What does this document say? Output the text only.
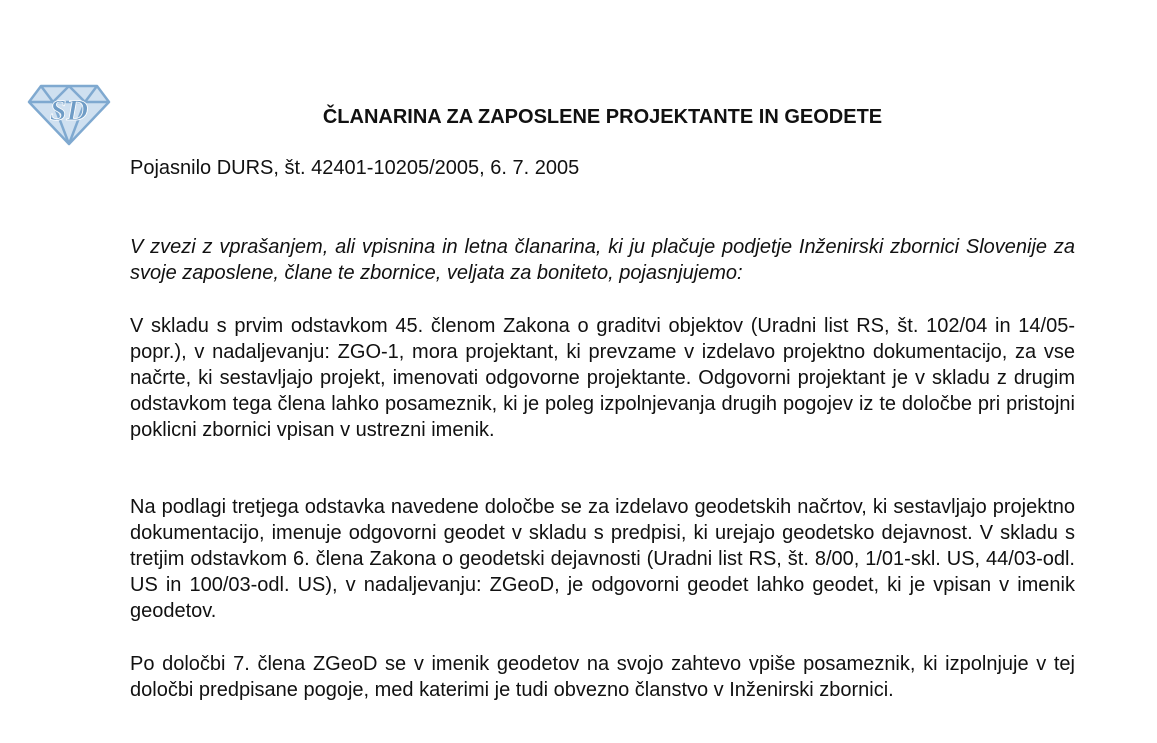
SD	ČLANARINA ZA ZAPOSLENE PROJEKTANTE IN GEODETE

Pojasnilo DURS, št. 42401-10205/2005, 6. 7. 2005

V zvezi z vprašanjem, ali vpisnina in letna članarina, ki ju plačuje podjetje Inženirski zbornici Slovenije za svoje zaposlene, člane te zbornice, veljata za boniteto, pojasnjujemo:

V skladu s prvim odstavkom 45. členom Zakona o graditvi objektov (Uradni list RS, št. 102/04 in 14/05-popr.), v nadaljevanju: ZGO-1, mora projektant, ki prevzame v izdelavo projektno dokumentacijo, za vse načrte, ki sestavljajo projekt, imenovati odgovorne projektante. Odgovorni projektant je v skladu z drugim odstavkom tega člena lahko posameznik, ki je poleg izpolnjevanja drugih pogojev iz te določbe pri pristojni poklicni zbornici vpisan v ustrezni imenik.

Na podlagi tretjega odstavka navedene določbe se za izdelavo geodetskih načrtov, ki sestavljajo projektno dokumentacijo, imenuje odgovorni geodet v skladu s predpisi, ki urejajo geodetsko dejavnost. V skladu s tretjim odstavkom 6. člena Zakona o geodetski dejavnosti (Uradni list RS, št. 8/00, 1/01-skl. US, 44/03-odl. US in 100/03-odl. US), v nadaljevanju: ZGeoD, je odgovorni geodet lahko geodet, ki je vpisan v imenik geodetov.

Po določbi 7. člena ZGeoD se v imenik geodetov na svojo zahtevo vpiše posameznik, ki izpolnjuje v tej določbi predpisane pogoje, med katerimi je tudi obvezno članstvo v Inženirski zbornici.
